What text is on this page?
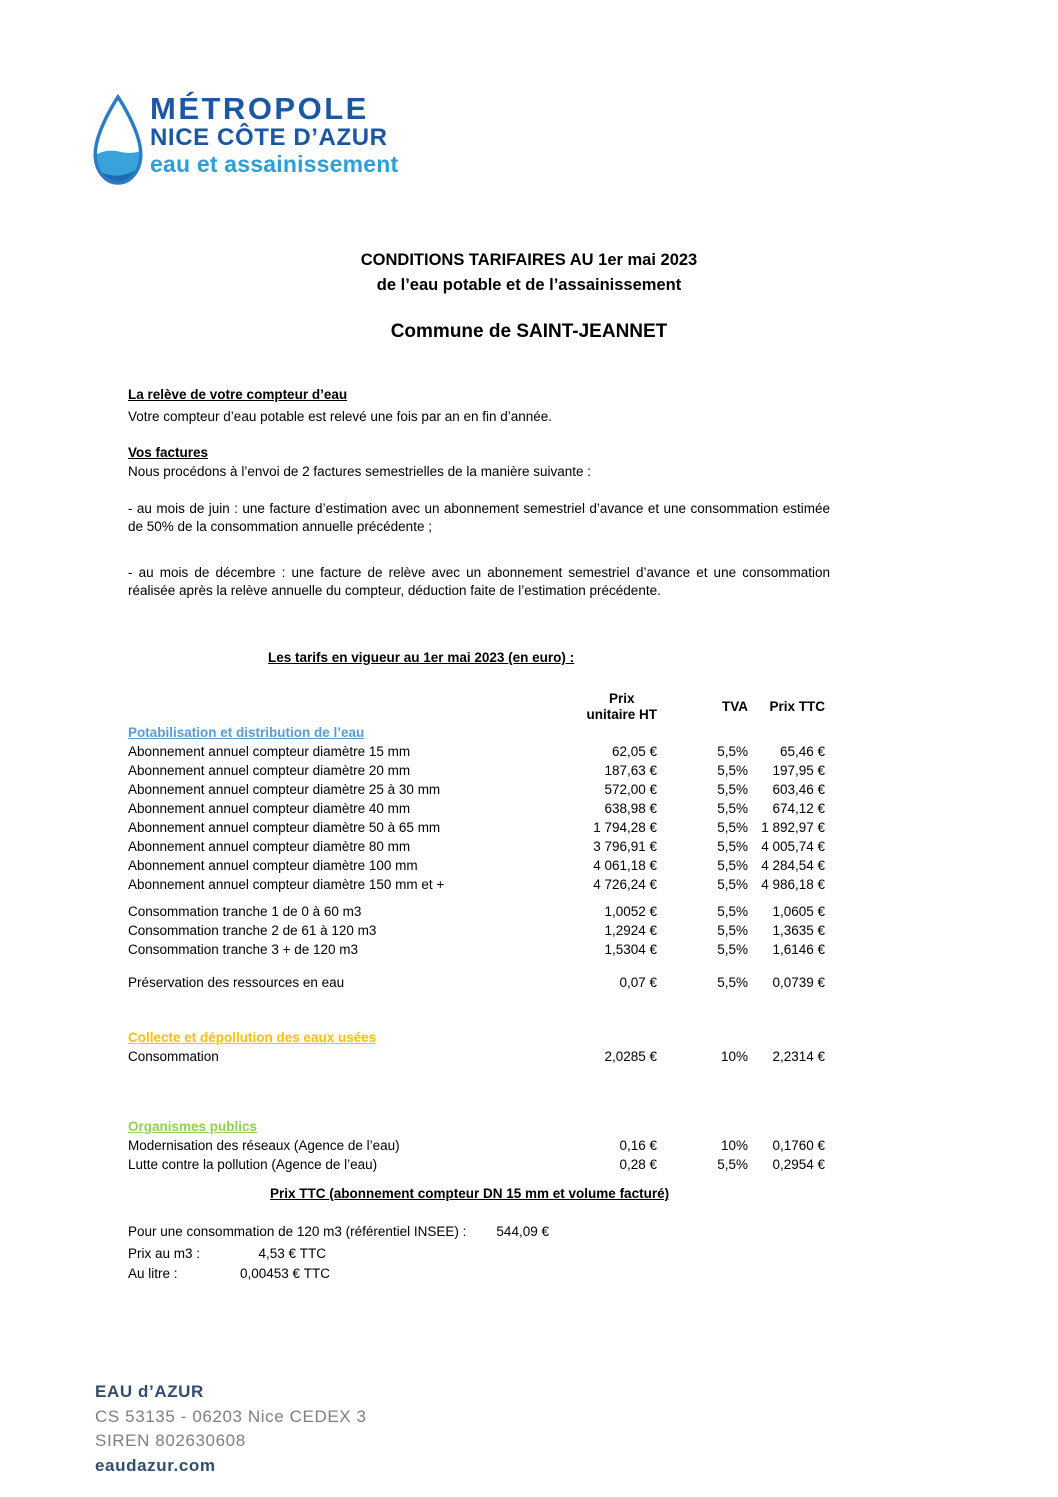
MÉTROPOLE
NICE CÔTE D’AZUR
eau et assainissement
CONDITIONS TARIFAIRES AU 1er mai 2023
de l’eau potable et de l’assainissement
Commune de SAINT-JEANNET
La relève de votre compteur d’eau
Votre compteur d’eau potable est relevé une fois par an en fin d’année.
Vos factures
Nous procédons à l’envoi de 2 factures semestrielles de la manière suivante :
- au mois de juin : une facture d’estimation avec un abonnement semestriel d’avance et une consommation estimée de 50% de la consommation annuelle précédente ;
- au mois de décembre : une facture de relève avec un abonnement semestriel d’avance et une consommation réalisée après la relève annuelle du compteur, déduction faite de l’estimation précédente.
Les tarifs en vigueur au 1er mai 2023 (en euro) :
Prix
unitaire HT
TVA	Prix TTC
Potabilisation et distribution de l’eau
Abonnement annuel compteur diamètre 15 mm	62,05 €	5,5%	65,46 €
Abonnement annuel compteur diamètre 20 mm	187,63 €	5,5%	197,95 €
Abonnement annuel compteur diamètre 25 à 30 mm	572,00 €	5,5%	603,46 €
Abonnement annuel compteur diamètre 40 mm	638,98 €	5,5%	674,12 €
Abonnement annuel compteur diamètre 50 à 65 mm	1 794,28 €	5,5% 1 892,97 €
Abonnement annuel compteur diamètre 80 mm	3 796,91 €	5,5% 4 005,74 €
Abonnement annuel compteur diamètre 100 mm	4 061,18 €	5,5% 4 284,54 €
Abonnement annuel compteur diamètre 150 mm et +	4 726,24 €	5,5% 4 986,18 €
Consommation tranche 1 de 0 à 60 m3	1,0052 €	5,5%	1,0605 €
Consommation tranche 2 de 61 à 120 m3	1,2924 €	5,5%	1,3635 €
Consommation tranche 3 + de 120 m3	1,5304 €	5,5%	1,6146 €
Préservation des ressources en eau	0,07 €	5,5%	0,0739 €
Collecte et dépollution des eaux usées
Consommation	2,0285 €	10%	2,2314 €
Organismes publics
Modernisation des réseaux (Agence de l’eau)	0,16 €	10%	0,1760 €
Lutte contre la pollution (Agence de l’eau)	0,28 €	5,5%	0,2954 €
Prix TTC (abonnement compteur DN 15 mm et volume facturé)
Pour une consommation de 120 m3 (référentiel INSEE) : 544,09 €
Prix au m3 :	4,53 € TTC
Au litre :	0,00453 € TTC
EAU d’AZUR
CS 53135 - 06203 Nice CEDEX 3
SIREN 802630608
eaudazur.com
